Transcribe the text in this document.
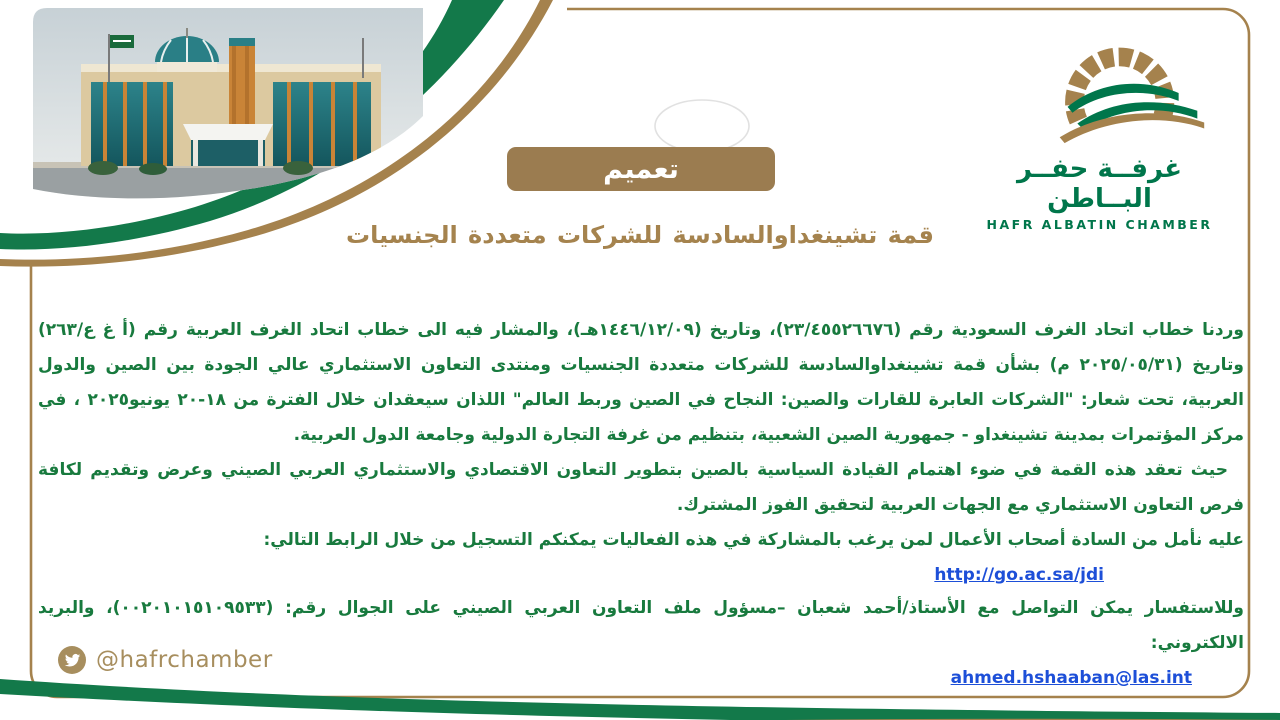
غرفــة حفــر البــاطن
HAFR ALBATIN CHAMBER
تعميم
قمة تشينغداوالسادسة للشركات متعددة الجنسيات
وردنا خطاب اتحاد الغرف السعودية رقم (٢٣/٤٥٥٢٦٦٧٦)، وتاريخ (١٤٤٦/١٢/٠٩هـ)، والمشار فيه الى خطاب اتحاد الغرف العربية رقم (أ غ ع/٢٦٣)
وتاريخ (٢٠٢٥/٠٥/٣١ م) بشأن قمة تشينغداوالسادسة للشركات متعددة الجنسيات ومنتدى التعاون الاستثماري عالي الجودة بين الصين والدول
العربية، تحت شعار: "الشركات العابرة للقارات والصين: النجاح في الصين وربط العالم" اللذان سيعقدان خلال الفترة من ١٨-٢٠ يونيو٢٠٢٥ ، في
مركز المؤتمرات بمدينة تشينغداو - جمهورية الصين الشعبية، بتنظيم من غرفة التجارة الدولية وجامعة الدول العربية.
حيث تعقد هذه القمة في ضوء اهتمام القيادة السياسية بالصين بتطوير التعاون الاقتصادي والاستثماري العربي الصيني وعرض وتقديم لكافة
فرص التعاون الاستثماري مع الجهات العربية لتحقيق الفوز المشترك.
عليه نأمل من السادة أصحاب الأعمال لمن يرغب بالمشاركة في هذه الفعاليات يمكنكم التسجيل من خلال الرابط التالي:
http://go.ac.sa/jdi
وللاستفسار يمكن التواصل مع الأستاذ/أحمد شعبان –مسؤول ملف التعاون العربي الصيني على الجوال رقم: (٠٠٢٠١٠١٥١٠٩٥٣٣)، والبريد
الالكتروني:
ahmed.hshaaban@las.int
@hafrchamber
